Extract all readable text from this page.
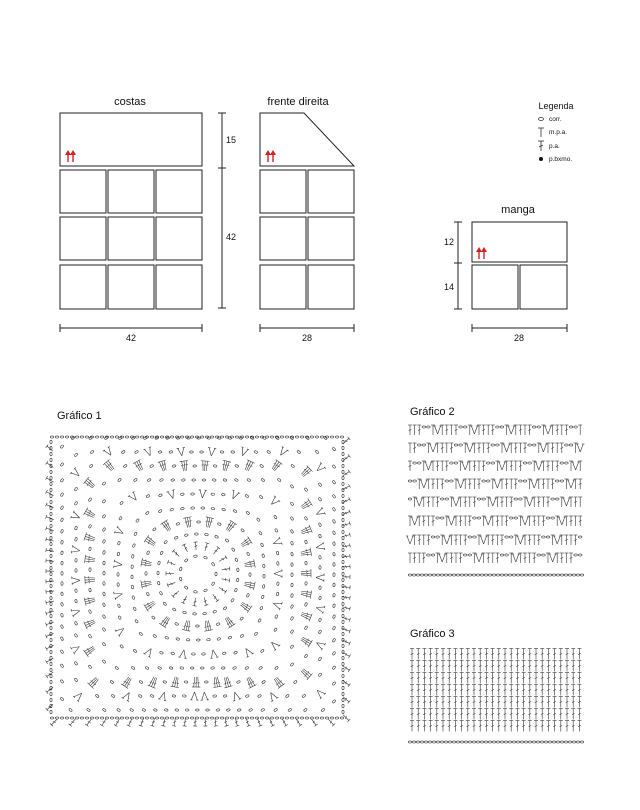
costas
15
42
42
frente direita
28
Legenda
corr.
m.p.a.
p.a.
p.bxmo.
manga
12
14
28
Gráfico 1	Gráfico 2
Gráfico 3
